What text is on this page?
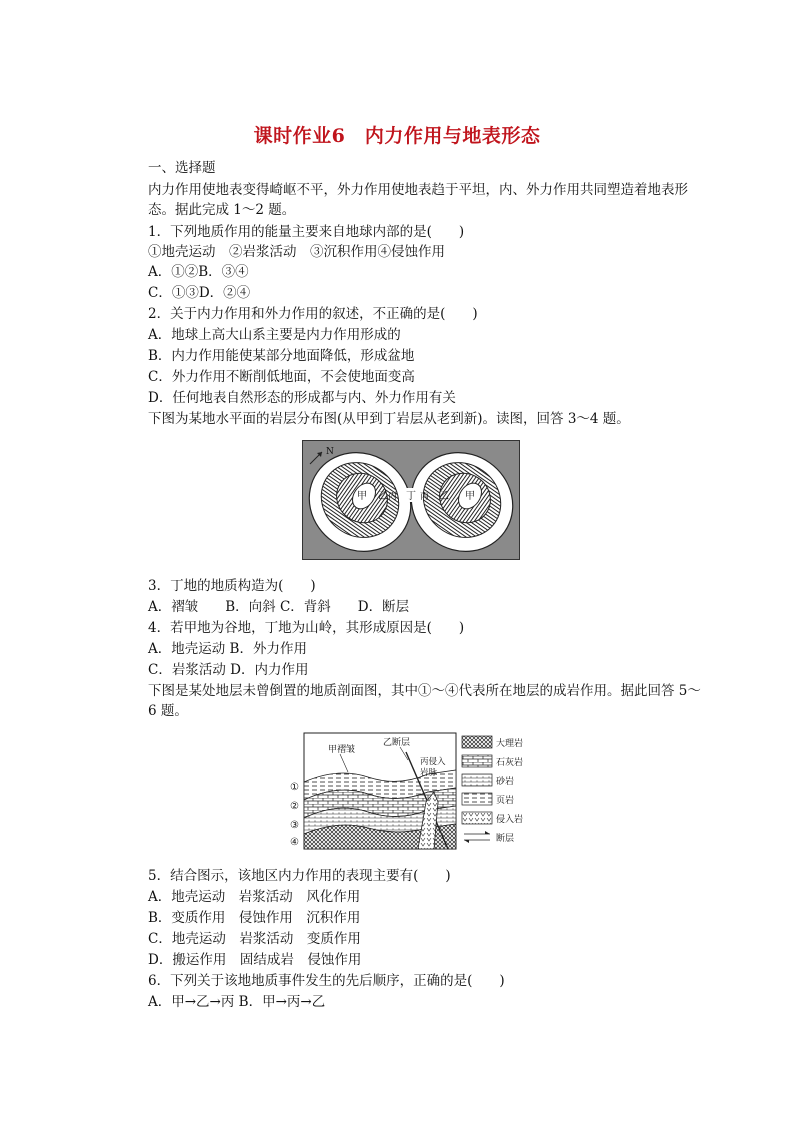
课时作业6　内力作用与地表形态
一、选择题
内力作用使地表变得崎岖不平，外力作用使地表趋于平坦，内、外力作用共同塑造着地表形态。据此完成 1～2 题。
1．下列地质作用的能量主要来自地球内部的是(　　)
①地壳运动　②岩浆活动　③沉积作用④侵蚀作用
A．①②B．③④
C．①③D．②④
2．关于内力作用和外力作用的叙述，不正确的是(　　)
A．地球上高大山系主要是内力作用形成的
B．内力作用能使某部分地面降低，形成盆地
C．外力作用不断削低地面，不会使地面变高
D．任何地表自然形态的形成都与内、外力作用有关
下图为某地水平面的岩层分布图(从甲到丁岩层从老到新)。读图，回答 3～4 题。
N
甲 乙 丙 丁 丙 乙 甲
3．丁地的地质构造为(　　)
A．褶皱　　B．向斜 C．背斜　　D．断层
4．若甲地为谷地，丁地为山岭，其形成原因是(　　)
A．地壳运动 B．外力作用
C．岩浆活动 D．内力作用
下图是某处地层未曾倒置的地质剖面图，其中①～④代表所在地层的成岩作用。据此回答 5～6 题。
甲褶皱
乙断层
丙侵入
岩脉
①
②
③
④
大理岩
石灰岩
砂岩
页岩
侵入岩
断层
5．结合图示，该地区内力作用的表现主要有(　　)
A．地壳运动　岩浆活动　风化作用
B．变质作用　侵蚀作用　沉积作用
C．地壳运动　岩浆活动　变质作用
D．搬运作用　固结成岩　侵蚀作用
6．下列关于该地地质事件发生的先后顺序，正确的是(　　)
A．甲→乙→丙 B．甲→丙→乙
